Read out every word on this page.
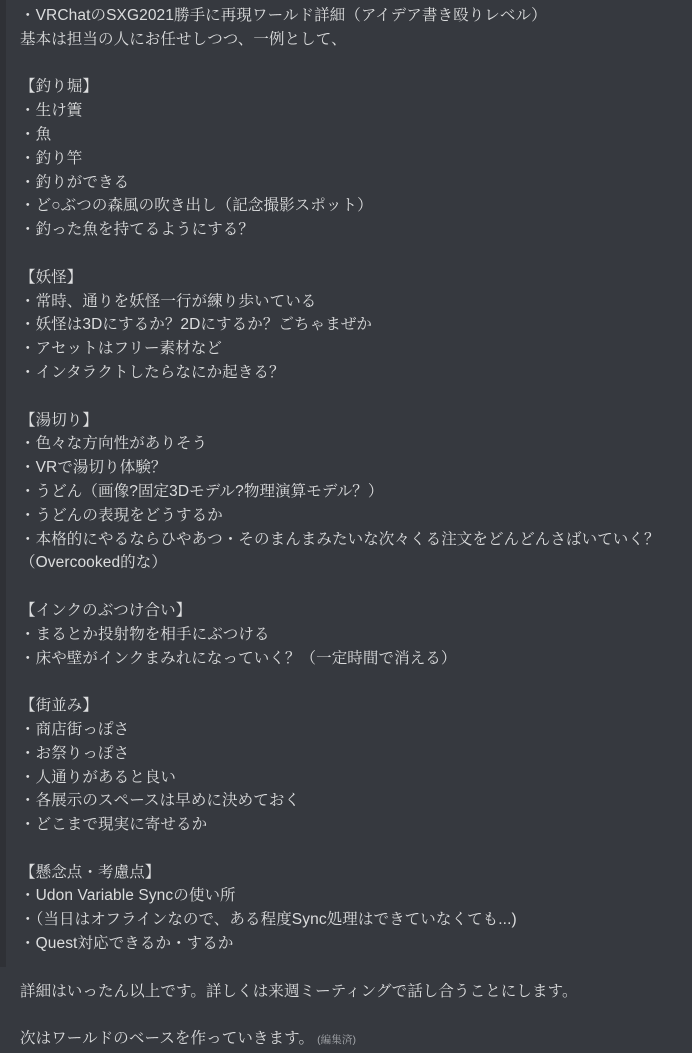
・VRChatのSXG2021勝手に再現ワールド詳細（アイデア書き殴りレベル）
基本は担当の人にお任せしつつ、一例として、
【釣り堀】
・生け簀
・魚
・釣り竿
・釣りができる
・ど○ぶつの森風の吹き出し（記念撮影スポット）
・釣った魚を持てるようにする？
【妖怪】
・常時、通りを妖怪一行が練り歩いている
・妖怪は3Dにするか？2Dにするか？ごちゃまぜか
・アセットはフリー素材など
・インタラクトしたらなにか起きる？
【湯切り】
・色々な方向性がありそう
・VRで湯切り体験？
・うどん（画像?固定3Dモデル?物理演算モデル？）
・うどんの表現をどうするか
・本格的にやるならひやあつ・そのまんまみたいな次々くる注文をどんどんさばいていく？（Overcooked的な）
【インクのぶつけ合い】
・まるとか投射物を相手にぶつける
・床や壁がインクまみれになっていく？（一定時間で消える）
【街並み】
・商店街っぽさ
・お祭りっぽさ
・人通りがあると良い
・各展示のスペースは早めに決めておく
・どこまで現実に寄せるか
【懸念点・考慮点】
・Udon Variable Syncの使い所
・（当日はオフラインなので、ある程度Sync処理はできていなくても...)
・Quest対応できるか・するか
詳細はいったん以上です。詳しくは来週ミーティングで話し合うことにします。
次はワールドのベースを作っていきます。 (編集済)
